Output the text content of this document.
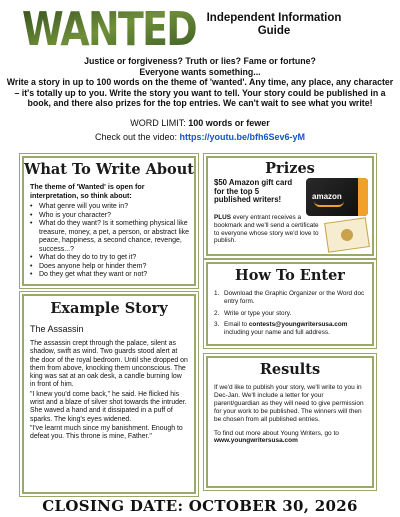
WANTED Independent Information
Guide
Justice or forgiveness? Truth or lies? Fame or fortune?
Everyone wants something...
Write a story in up to 100 words on the theme of 'wanted'. Any time, any place, any character – it's totally up to you. Write the story you want to tell. Your story could be published in a book, and there also prizes for the top entries. We can't wait to see what you write!
WORD LIMIT: 100 words or fewer
Check out the video: https://youtu.be/bfh6Sev6-yM
What To Write About
The theme of 'Wanted' is open for interpretation, so think about:
• What genre will you write in?
• Who is your character?
• What do they want? Is it something physical like treasure, money, a pet, a person, or abstract like peace, happiness, a second chance, revenge, success...?
• What do they do to try to get it?
• Does anyone help or hinder them?
• Do they get what they want or not?
Prizes
$50 Amazon gift card for the top 5 published writers!	amazon
PLUS every entrant receives a bookmark and we'll send a certificate to everyone whose story we'd love to publish.
How To Enter
1. Download the Graphic Organizer or the Word doc entry form.
2. Write or type your story.
3. Email to contests@youngwritersusa.com including your name and full address.
Example Story
The Assassin

The assassin crept through the palace, silent as shadow, swift as wind. Two guards stood alert at the door of the royal bedroom. Until she dropped on them from above, knocking them unconscious. The king was sat at an oak desk, a candle burning low in front of him.

"I knew you'd come back," he said. He flicked his wrist and a blaze of silver shot towards the intruder. She waved a hand and it dissipated in a puff of sparks. The king's eyes widened.

"I've learnt much since my banishment. Enough to defeat you. This throne is mine, Father."

Results

If we'd like to publish your story, we'll write to you in Dec-Jan. We'll include a letter for your parent/guardian as they will need to give permission for your work to be published. The winners will then be chosen from all published entries.

To find out more about Young Writers, go to www.youngwritersusa.com

CLOSING DATE: OCTOBER 30, 2026
